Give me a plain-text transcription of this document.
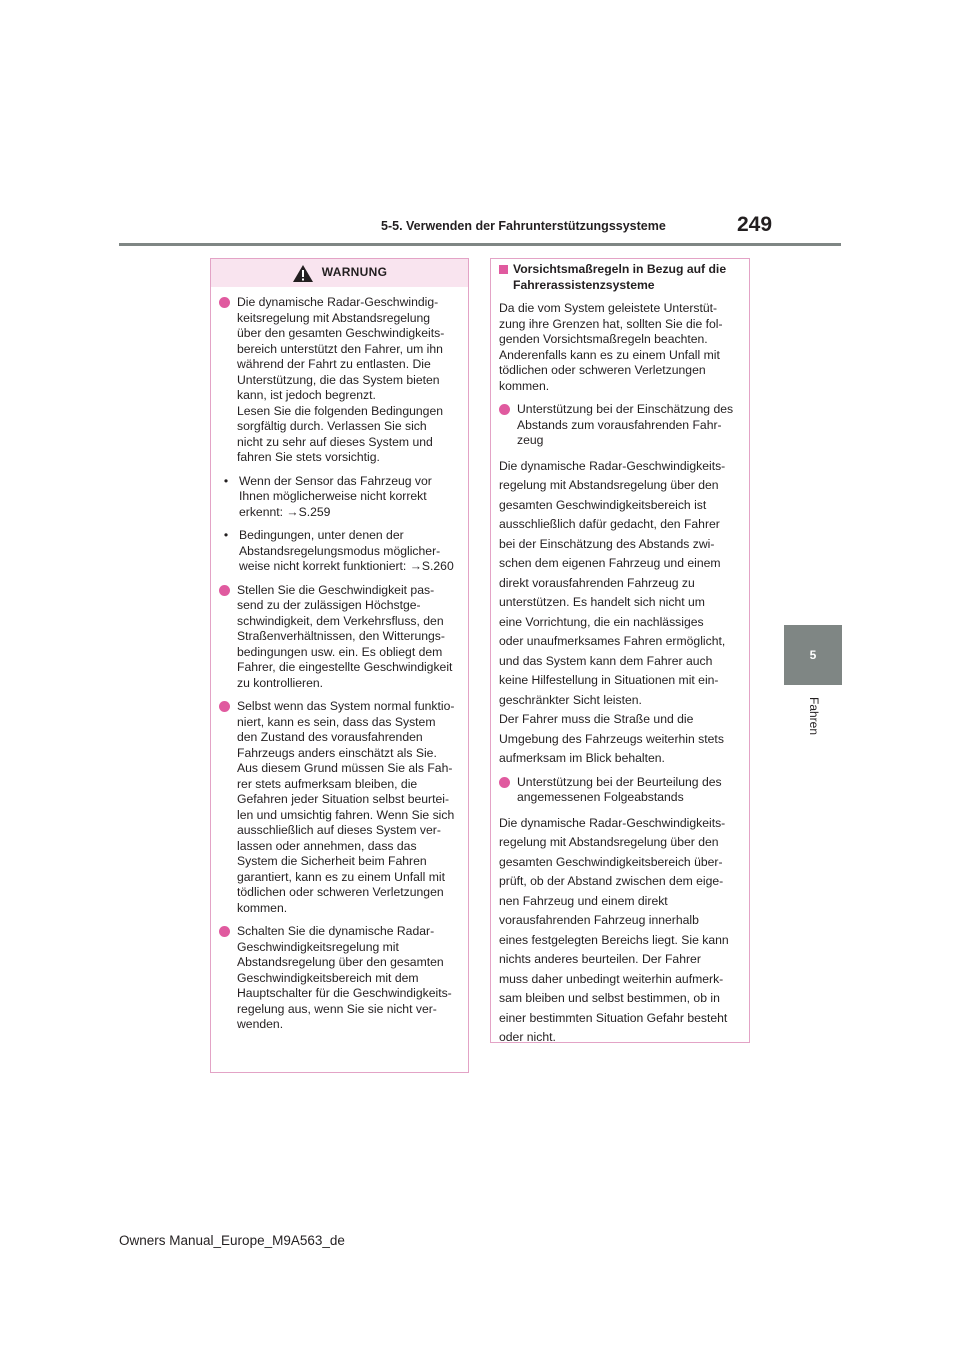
5-5. Verwenden der Fahrunterstützungssysteme	249
5
Fahren
WARNUNG
Die dynamische Radar-Geschwindig-
keitsregelung mit Abstandsregelung
über den gesamten Geschwindigkeits-
bereich unterstützt den Fahrer, um ihn
während der Fahrt zu entlasten. Die
Unterstützung, die das System bieten
kann, ist jedoch begrenzt.
Lesen Sie die folgenden Bedingungen
sorgfältig durch. Verlassen Sie sich
nicht zu sehr auf dieses System und
fahren Sie stets vorsichtig.
• Wenn der Sensor das Fahrzeug vor
Ihnen möglicherweise nicht korrekt
erkennt: →S.259
• Bedingungen, unter denen der
Abstandsregelungsmodus möglicher-
weise nicht korrekt funktioniert: →S.260
Stellen Sie die Geschwindigkeit pas-
send zu der zulässigen Höchstge-
schwindigkeit, dem Verkehrsfluss, den
Straßenverhältnissen, den Witterungs-
bedingungen usw. ein. Es obliegt dem
Fahrer, die eingestellte Geschwindigkeit
zu kontrollieren.
Selbst wenn das System normal funktio-
niert, kann es sein, dass das System
den Zustand des vorausfahrenden
Fahrzeugs anders einschätzt als Sie.
Aus diesem Grund müssen Sie als Fah-
rer stets aufmerksam bleiben, die
Gefahren jeder Situation selbst beurtei-
len und umsichtig fahren. Wenn Sie sich
ausschließlich auf dieses System ver-
lassen oder annehmen, dass das
System die Sicherheit beim Fahren
garantiert, kann es zu einem Unfall mit
tödlichen oder schweren Verletzungen
kommen.
Schalten Sie die dynamische Radar-
Geschwindigkeitsregelung mit
Abstandsregelung über den gesamten
Geschwindigkeitsbereich mit dem
Hauptschalter für die Geschwindigkeits-
regelung aus, wenn Sie sie nicht ver-
wenden.
Vorsichtsmaßregeln in Bezug auf die
Fahrerassistenzsysteme
Da die vom System geleistete Unterstüt-
zung ihre Grenzen hat, sollten Sie die fol-
genden Vorsichtsmaßregeln beachten.
Anderenfalls kann es zu einem Unfall mit
tödlichen oder schweren Verletzungen
kommen.
Unterstützung bei der Einschätzung des
Abstands zum vorausfahrenden Fahr-
zeug
Die dynamische Radar-Geschwindigkeits-
regelung mit Abstandsregelung über den
gesamten Geschwindigkeitsbereich ist
ausschließlich dafür gedacht, den Fahrer
bei der Einschätzung des Abstands zwi-
schen dem eigenen Fahrzeug und einem
direkt vorausfahrenden Fahrzeug zu
unterstützen. Es handelt sich nicht um
eine Vorrichtung, die ein nachlässiges
oder unaufmerksames Fahren ermöglicht,
und das System kann dem Fahrer auch
keine Hilfestellung in Situationen mit ein-
geschränkter Sicht leisten.
Der Fahrer muss die Straße und die
Umgebung des Fahrzeugs weiterhin stets
aufmerksam im Blick behalten.
Unterstützung bei der Beurteilung des
angemessenen Folgeabstands
Die dynamische Radar-Geschwindigkeits-
regelung mit Abstandsregelung über den
gesamten Geschwindigkeitsbereich über-
prüft, ob der Abstand zwischen dem eige-
nen Fahrzeug und einem direkt
vorausfahrenden Fahrzeug innerhalb
eines festgelegten Bereichs liegt. Sie kann
nichts anderes beurteilen. Der Fahrer
muss daher unbedingt weiterhin aufmerk-
sam bleiben und selbst bestimmen, ob in
einer bestimmten Situation Gefahr besteht
oder nicht.
Owners Manual_Europe_M9A563_de
